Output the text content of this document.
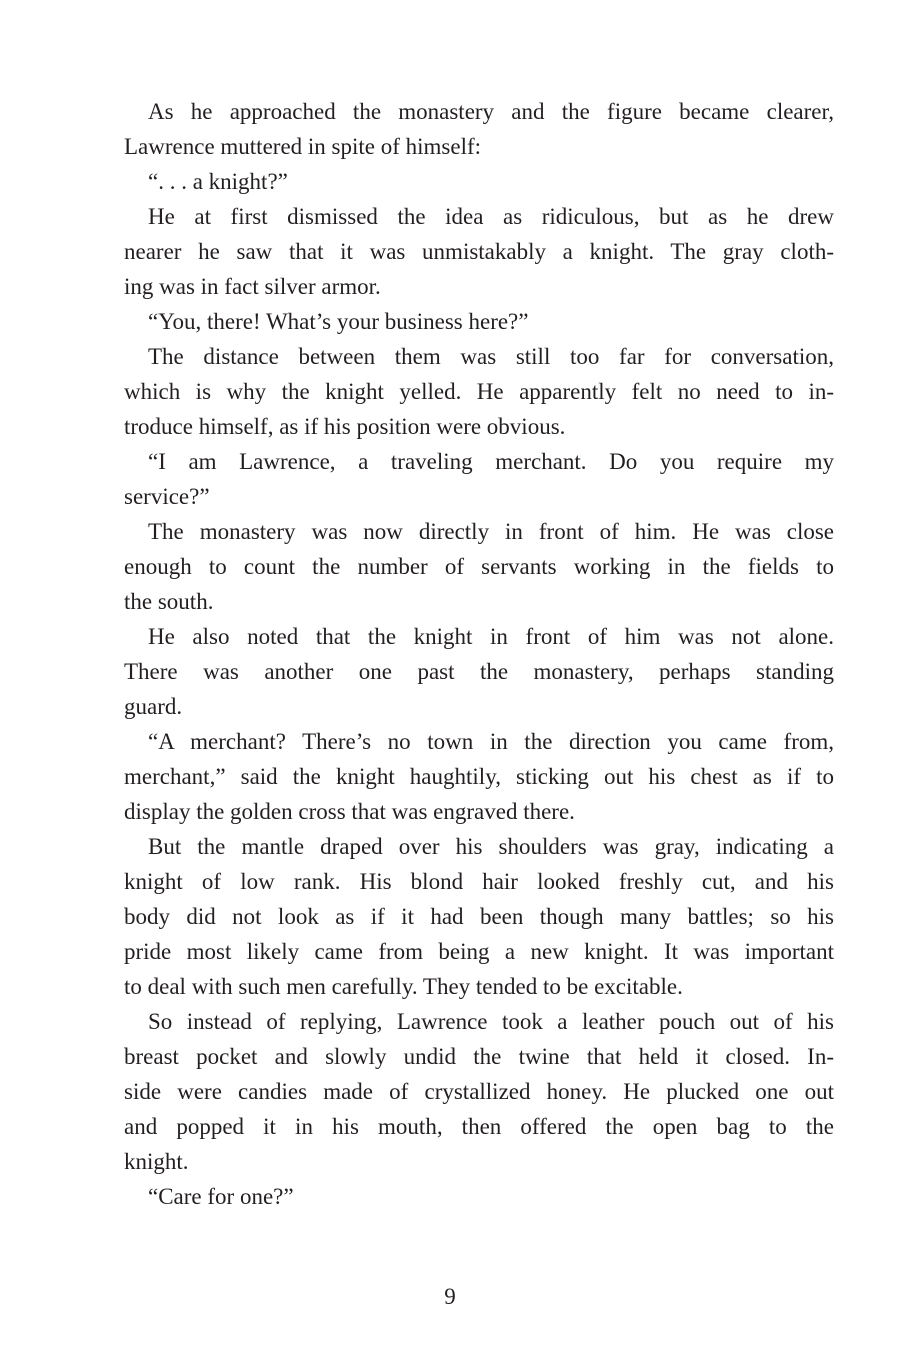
As he approached the monastery and the figure became clearer,
Lawrence muttered in spite of himself:
“. . . a knight?”
He at first dismissed the idea as ridiculous, but as he drew
nearer he saw that it was unmistakably a knight. The gray cloth-
ing was in fact silver armor.
“You, there! What’s your business here?”
The distance between them was still too far for conversation,
which is why the knight yelled. He apparently felt no need to in-
troduce himself, as if his position were obvious.
“I am Lawrence, a traveling merchant. Do you require my
service?”
The monastery was now directly in front of him. He was close
enough to count the number of servants working in the fields to
the south.
He also noted that the knight in front of him was not alone.
There was another one past the monastery, perhaps standing
guard.
“A merchant? There’s no town in the direction you came from,
merchant,” said the knight haughtily, sticking out his chest as if to
display the golden cross that was engraved there.
But the mantle draped over his shoulders was gray, indicating a
knight of low rank. His blond hair looked freshly cut, and his
body did not look as if it had been though many battles; so his
pride most likely came from being a new knight. It was important
to deal with such men carefully. They tended to be excitable.
So instead of replying, Lawrence took a leather pouch out of his
breast pocket and slowly undid the twine that held it closed. In-
side were candies made of crystallized honey. He plucked one out
and popped it in his mouth, then offered the open bag to the
knight.
“Care for one?”
9
